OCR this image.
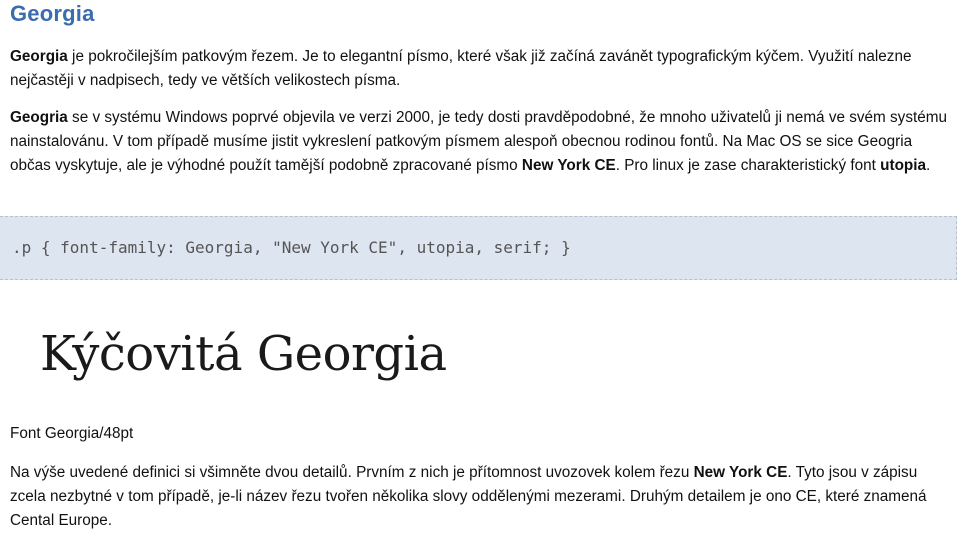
Georgia
Georgia je pokročilejším patkovým řezem. Je to elegantní písmo, které však již začíná zavánět typografickým kýčem. Využití nalezne nejčastěji v nadpisech, tedy ve větších velikostech písma.
Geogria se v systému Windows poprvé objevila ve verzi 2000, je tedy dosti pravděpodobné, že mnoho uživatelů ji nemá ve svém systému nainstalovánu. V tom případě musíme jistit vykreslení patkovým písmem alespoň obecnou rodinou fontů. Na Mac OS se sice Geogria občas vyskytuje, ale je výhodné použít tamější podobně zpracované písmo New York CE. Pro linux je zase charakteristický font utopia.
.p { font-family: Georgia, "New York CE", utopia, serif; }
Kýčovitá Georgia
Font Georgia/48pt
Na výše uvedené definici si všimněte dvou detailů. Prvním z nich je přítomnost uvozovek kolem řezu New York CE. Tyto jsou v zápisu zcela nezbytné v tom případě, je-li název řezu tvořen několika slovy oddělenými mezerami. Druhým detailem je ono CE, které znamená Cental Europe.
